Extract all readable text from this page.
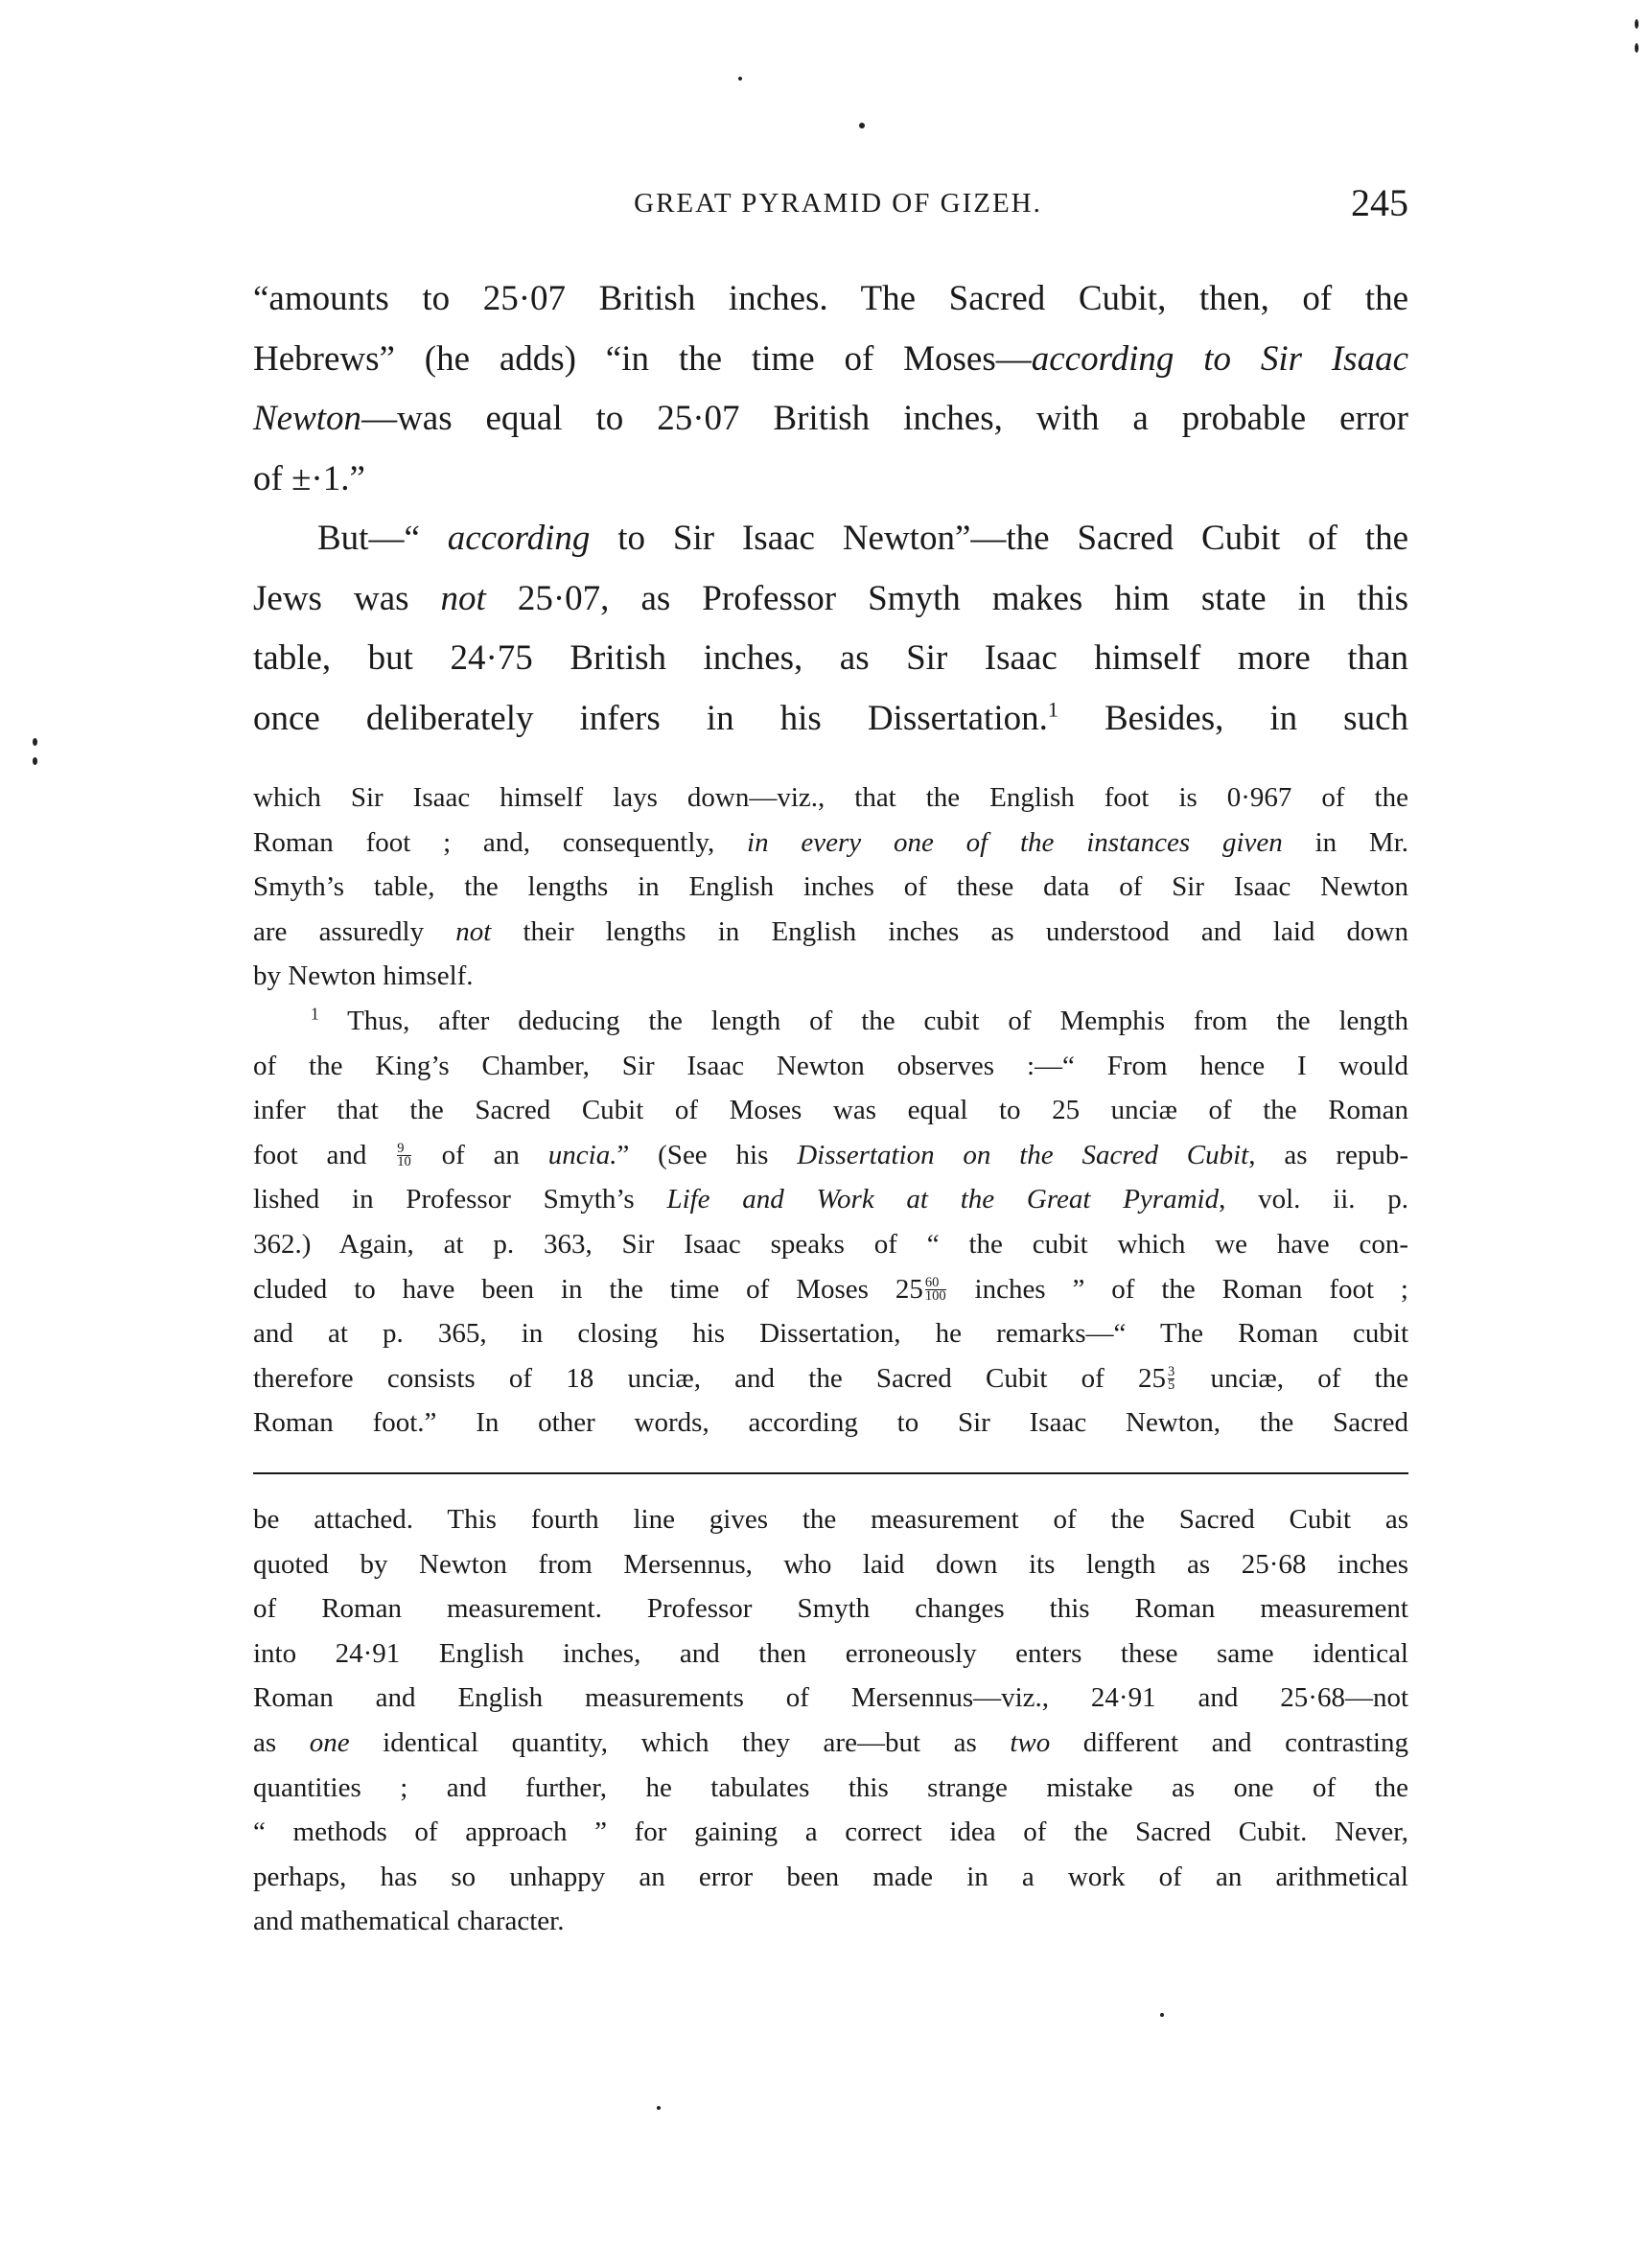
GREAT PYRAMID OF GIZEH.	245
“amounts to 25·07 British inches. The Sacred Cubit, then, of the
Hebrews” (he adds) “in the time of Moses—according to Sir Isaac
Newton—was equal to 25·07 British inches, with a probable error
of ±·1.”
But—“ according to Sir Isaac Newton”—the Sacred Cubit of the
Jews was not 25·07, as Professor Smyth makes him state in this
table, but 24·75 British inches, as Sir Isaac himself more than
once deliberately infers in his Dissertation.$^1$ Besides, in such
which Sir Isaac himself lays down—viz., that the English foot is 0·967 of the
Roman foot ; and, consequently, in every one of the instances given in Mr.
Smyth’s table, the lengths in English inches of these data of Sir Isaac Newton
are assuredly not their lengths in English inches as understood and laid down
by Newton himself.
$^1$ Thus, after deducing the length of the cubit of Memphis from the length
of the King’s Chamber, Sir Isaac Newton observes :—“ From hence I would
infer that the Sacred Cubit of Moses was equal to 25 unciæ of the Roman
foot and $\frac{9}{10}$ of an uncia.” (See his Dissertation on the Sacred Cubit, as repub-
lished in Professor Smyth’s Life and Work at the Great Pyramid, vol. ii. p.
362.) Again, at p. 363, Sir Isaac speaks of “ the cubit which we have con-
cluded to have been in the time of Moses $25 \frac{60}{100}$ inches ” of the Roman foot ;
and at p. 365, in closing his Dissertation, he remarks—“ The Roman cubit
therefore consists of 18 unciæ, and the Sacred Cubit of $25 \frac{3}{5}$ unciæ, of the
Roman foot.” In other words, according to Sir Isaac Newton, the Sacred
be attached. This fourth line gives the measurement of the Sacred Cubit as
quoted by Newton from Mersennus, who laid down its length as 25·68 inches
of Roman measurement. Professor Smyth changes this Roman measurement
into 24·91 English inches, and then erroneously enters these same identical
Roman and English measurements of Mersennus—viz., 24·91 and 25·68—not
as one identical quantity, which they are—but as two different and contrasting
quantities ; and further, he tabulates this strange mistake as one of the
“ methods of approach ” for gaining a correct idea of the Sacred Cubit. Never,
perhaps, has so unhappy an error been made in a work of an arithmetical
and mathematical character.
